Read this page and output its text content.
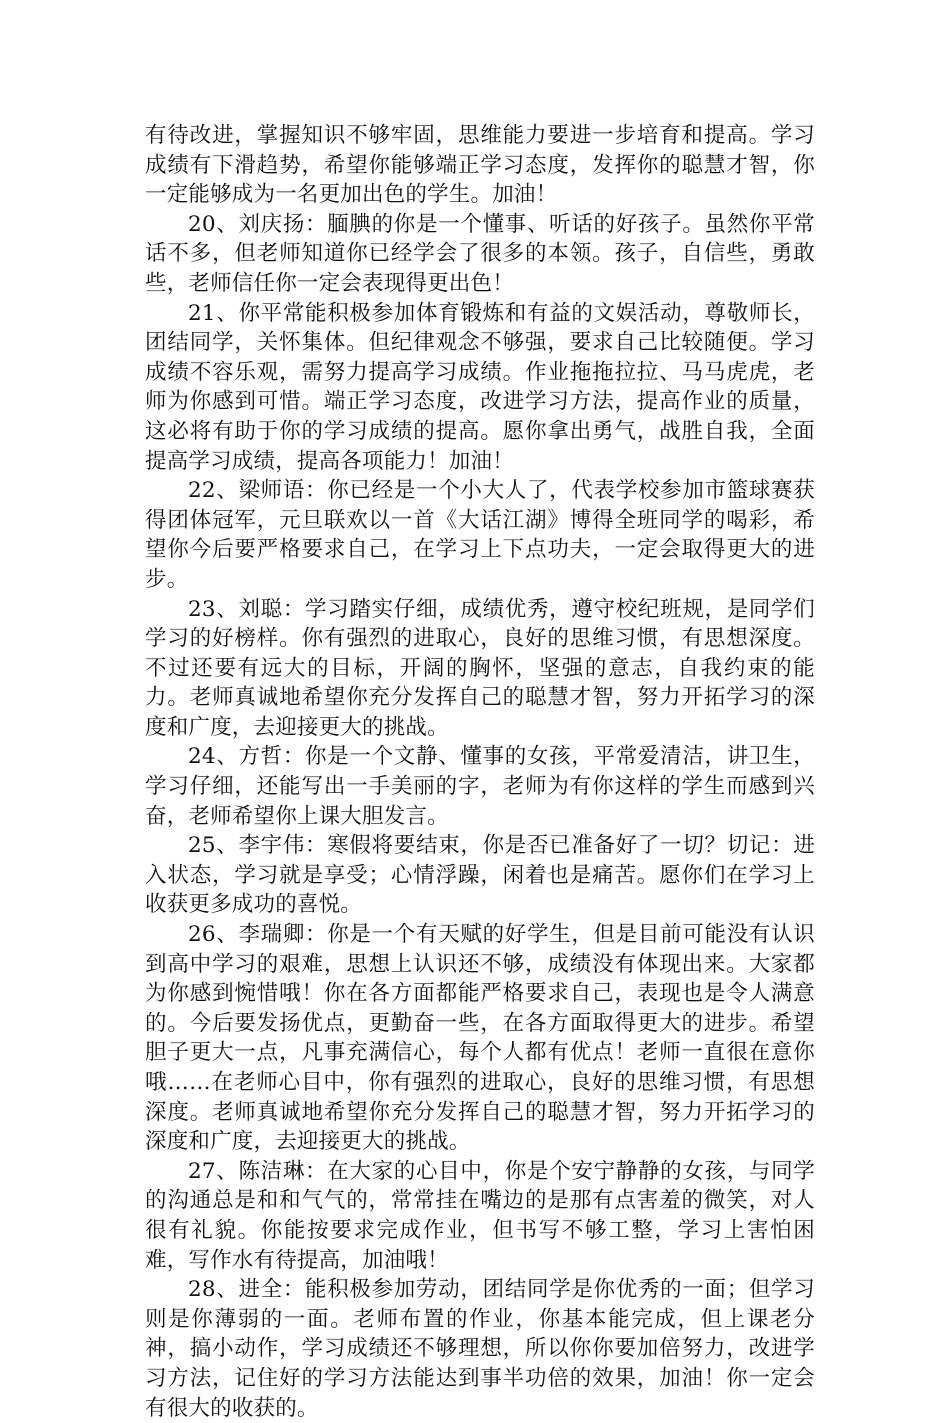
有待改进，掌握知识不够牢固，思维能力要进一步培育和提高。学习成绩有下滑趋势，希望你能够端正学习态度，发挥你的聪慧才智，你一定能够成为一名更加出色的学生。加油！

20、刘庆扬：腼腆的你是一个懂事、听话的好孩子。虽然你平常话不多，但老师知道你已经学会了很多的本领。孩子，自信些，勇敢些，老师信任你一定会表现得更出色！

21、你平常能积极参加体育锻炼和有益的文娱活动，尊敬师长，团结同学，关怀集体。但纪律观念不够强，要求自己比较随便。学习成绩不容乐观，需努力提高学习成绩。作业拖拖拉拉、马马虎虎，老师为你感到可惜。端正学习态度，改进学习方法，提高作业的质量，这必将有助于你的学习成绩的提高。愿你拿出勇气，战胜自我，全面提高学习成绩，提高各项能力！加油！

22、梁师语：你已经是一个小大人了，代表学校参加市篮球赛获得团体冠军，元旦联欢以一首《大话江湖》博得全班同学的喝彩，希望你今后要严格要求自己，在学习上下点功夫，一定会取得更大的进步。

23、刘聪：学习踏实仔细，成绩优秀，遵守校纪班规，是同学们学习的好榜样。你有强烈的进取心，良好的思维习惯，有思想深度。不过还要有远大的目标，开阔的胸怀，坚强的意志，自我约束的能力。老师真诚地希望你充分发挥自己的聪慧才智，努力开拓学习的深度和广度，去迎接更大的挑战。

24、方哲：你是一个文静、懂事的女孩，平常爱清洁，讲卫生，学习仔细，还能写出一手美丽的字，老师为有你这样的学生而感到兴奋，老师希望你上课大胆发言。

25、李宇伟：寒假将要结束，你是否已准备好了一切？切记：进入状态，学习就是享受；心情浮躁，闲着也是痛苦。愿你们在学习上收获更多成功的喜悦。

26、李瑞卿：你是一个有天赋的好学生，但是目前可能没有认识到高中学习的艰难，思想上认识还不够，成绩没有体现出来。大家都为你感到惋惜哦！你在各方面都能严格要求自己，表现也是令人满意的。今后要发扬优点，更勤奋一些，在各方面取得更大的进步。希望胆子更大一点，凡事充满信心，每个人都有优点！老师一直很在意你哦……在老师心目中，你有强烈的进取心，良好的思维习惯，有思想深度。老师真诚地希望你充分发挥自己的聪慧才智，努力开拓学习的深度和广度，去迎接更大的挑战。

27、陈洁琳：在大家的心目中，你是个安宁静静的女孩，与同学的沟通总是和和气气的，常常挂在嘴边的是那有点害羞的微笑，对人很有礼貌。你能按要求完成作业，但书写不够工整，学习上害怕困难，写作水有待提高，加油哦！

28、进全：能积极参加劳动，团结同学是你优秀的一面；但学习则是你薄弱的一面。老师布置的作业，你基本能完成，但上课老分神，搞小动作，学习成绩还不够理想，所以你你要加倍努力，改进学习方法，记住好的学习方法能达到事半功倍的效果，加油！你一定会有很大的收获的。
